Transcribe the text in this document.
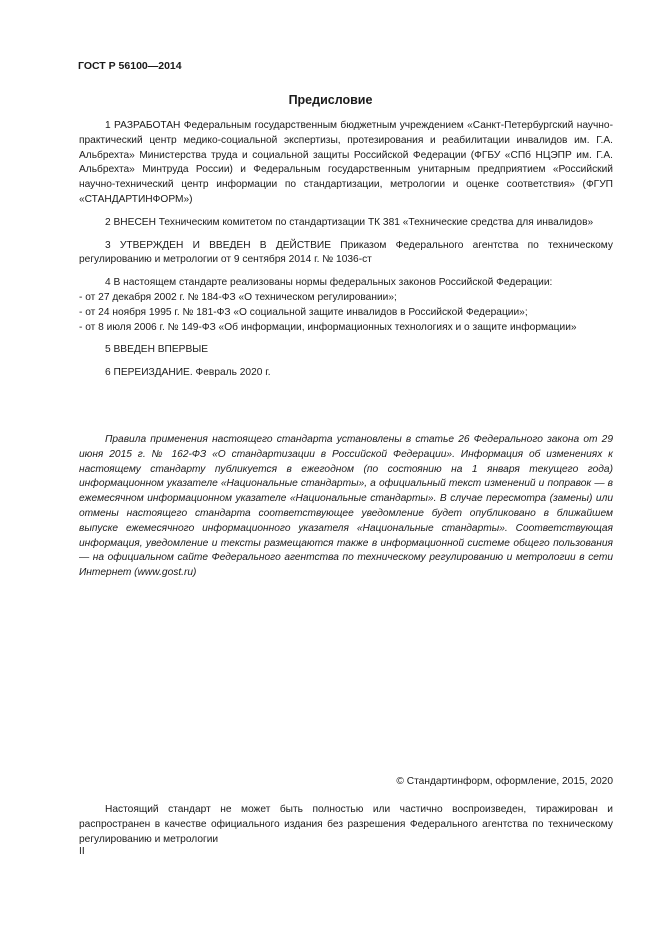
ГОСТ Р 56100—2014
Предисловие

1 РАЗРАБОТАН Федеральным государственным бюджетным учреждением «Санкт-Петербургский научно-практический центр медико-социальной экспертизы, протезирования и реабилитации инвалидов им. Г.А. Альбрехта» Министерства труда и социальной защиты Российской Федерации (ФГБУ «СПб НЦЭПР им. Г.А. Альбрехта» Минтруда России) и Федеральным государственным унитарным предприятием «Российский научно-технический центр информации по стандартизации, метрологии и оценке соответствия» (ФГУП «СТАНДАРТИНФОРМ»)

2 ВНЕСЕН Техническим комитетом по стандартизации ТК 381 «Технические средства для инвалидов»

3 УТВЕРЖДЕН И ВВЕДЕН В ДЕЙСТВИЕ Приказом Федерального агентства по техническому регулированию и метрологии от 9 сентября 2014 г. № 1036-ст

4 В настоящем стандарте реализованы нормы федеральных законов Российской Федерации:

- от 27 декабря 2002 г. № 184-ФЗ «О техническом регулировании»;

- от 24 ноября 1995 г. № 181-ФЗ «О социальной защите инвалидов в Российской Федерации»;

- от 8 июля 2006 г. № 149-ФЗ «Об информации, информационных технологиях и о защите информации»

5 ВВЕДЕН ВПЕРВЫЕ

6 ПЕРЕИЗДАНИЕ. Февраль 2020 г.

Правила применения настоящего стандарта установлены в статье 26 Федерального закона от 29 июня 2015 г. № 162-ФЗ «О стандартизации в Российской Федерации». Информация об изменениях к настоящему стандарту публикуется в ежегодном (по состоянию на 1 января текущего года) информационном указателе «Национальные стандарты», а официальный текст изменений и поправок — в ежемесячном информационном указателе «Национальные стандарты». В случае пересмотра (замены) или отмены настоящего стандарта соответствующее уведомление будет опубликовано в ближайшем выпуске ежемесячного информационного указателя «Национальные стандарты». Соответствующая информация, уведомление и тексты размещаются также в информационной системе общего пользования — на официальном сайте Федерального агентства по техническому регулированию и метрологии в сети Интернет (www.gost.ru)

© Стандартинформ, оформление, 2015, 2020

Настоящий стандарт не может быть полностью или частично воспроизведен, тиражирован и распространен в качестве официального издания без разрешения Федерального агентства по техническому регулированию и метрологии

II
